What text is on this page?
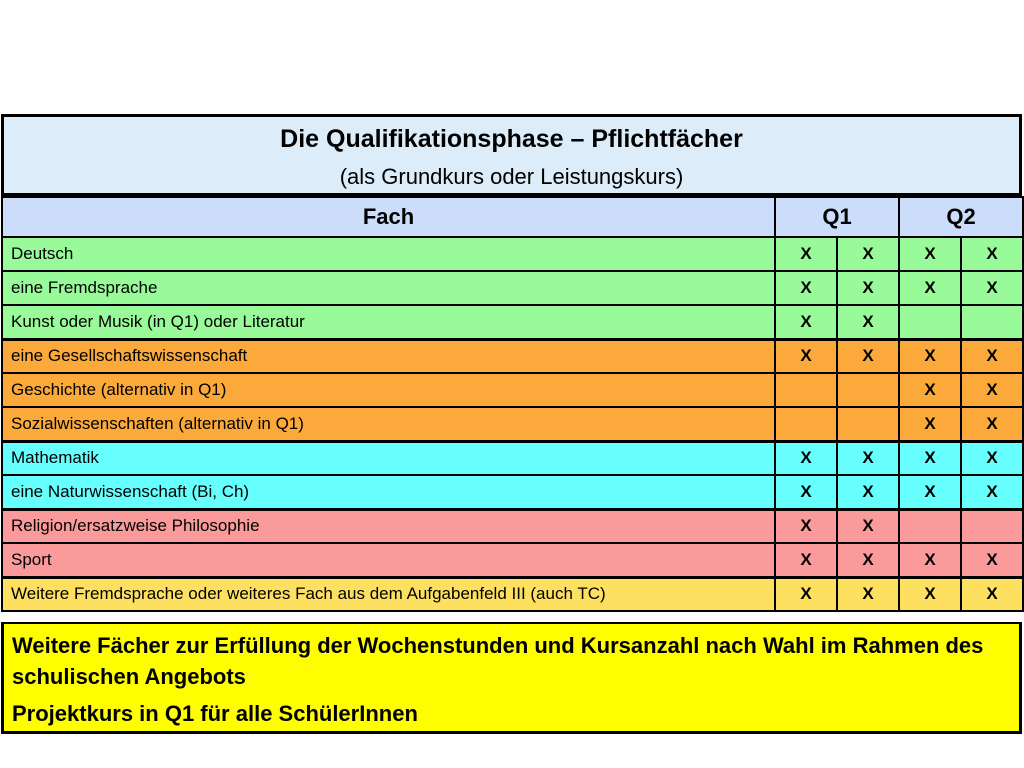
Die Qualifikationsphase – Pflichtfächer
(als Grundkurs oder Leistungskurs)
Fach	Q1		Q2	
Deutsch	X	X	X	X
eine Fremdsprache	X	X	X	X
Kunst oder Musik (in Q1) oder Literatur	X	X		
eine Gesellschaftswissenschaft	X	X	X	X
Geschichte (alternativ in Q1)			X	X
Sozialwissenschaften (alternativ in Q1)			X	X
Mathematik	X	X	X	X
eine Naturwissenschaft (Bi, Ch)	X	X	X	X
Religion/ersatzweise Philosophie	X	X		
Sport	X	X	X	X
Weitere Fremdsprache oder weiteres Fach aus dem Aufgabenfeld III (auch TC)	X	X	X	X
Weitere Fächer zur Erfüllung der Wochenstunden und Kursanzahl nach Wahl im Rahmen des schulischen Angebots
Projektkurs in Q1 für alle SchülerInnen
